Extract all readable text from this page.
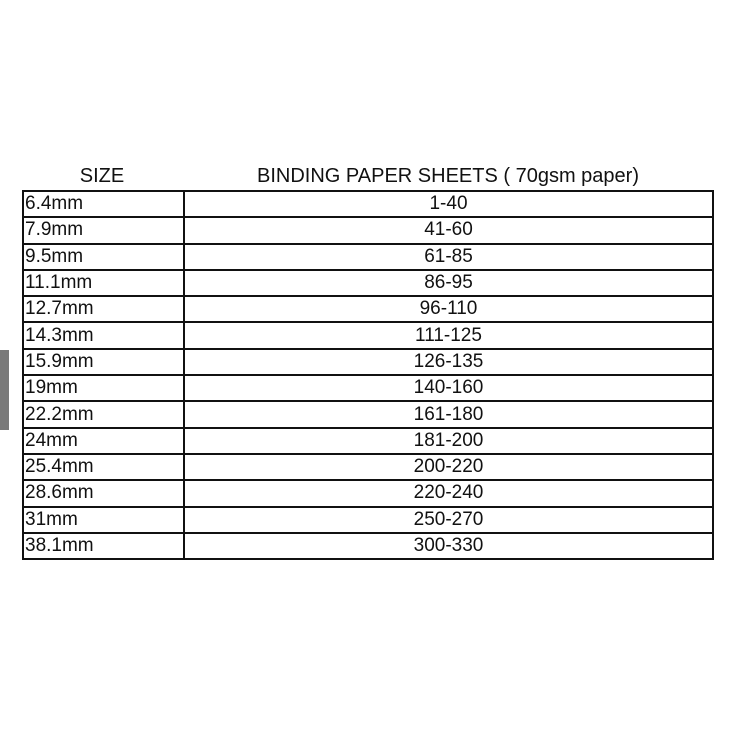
SIZE	BINDING PAPER SHEETS ( 70gsm paper)
6.4mm	1-40
7.9mm	41-60
9.5mm	61-85
11.1mm	86-95
12.7mm	96-110
14.3mm	111-125
15.9mm	126-135
19mm	140-160
22.2mm	161-180
24mm	181-200
25.4mm	200-220
28.6mm	220-240
31mm	250-270
38.1mm	300-330
